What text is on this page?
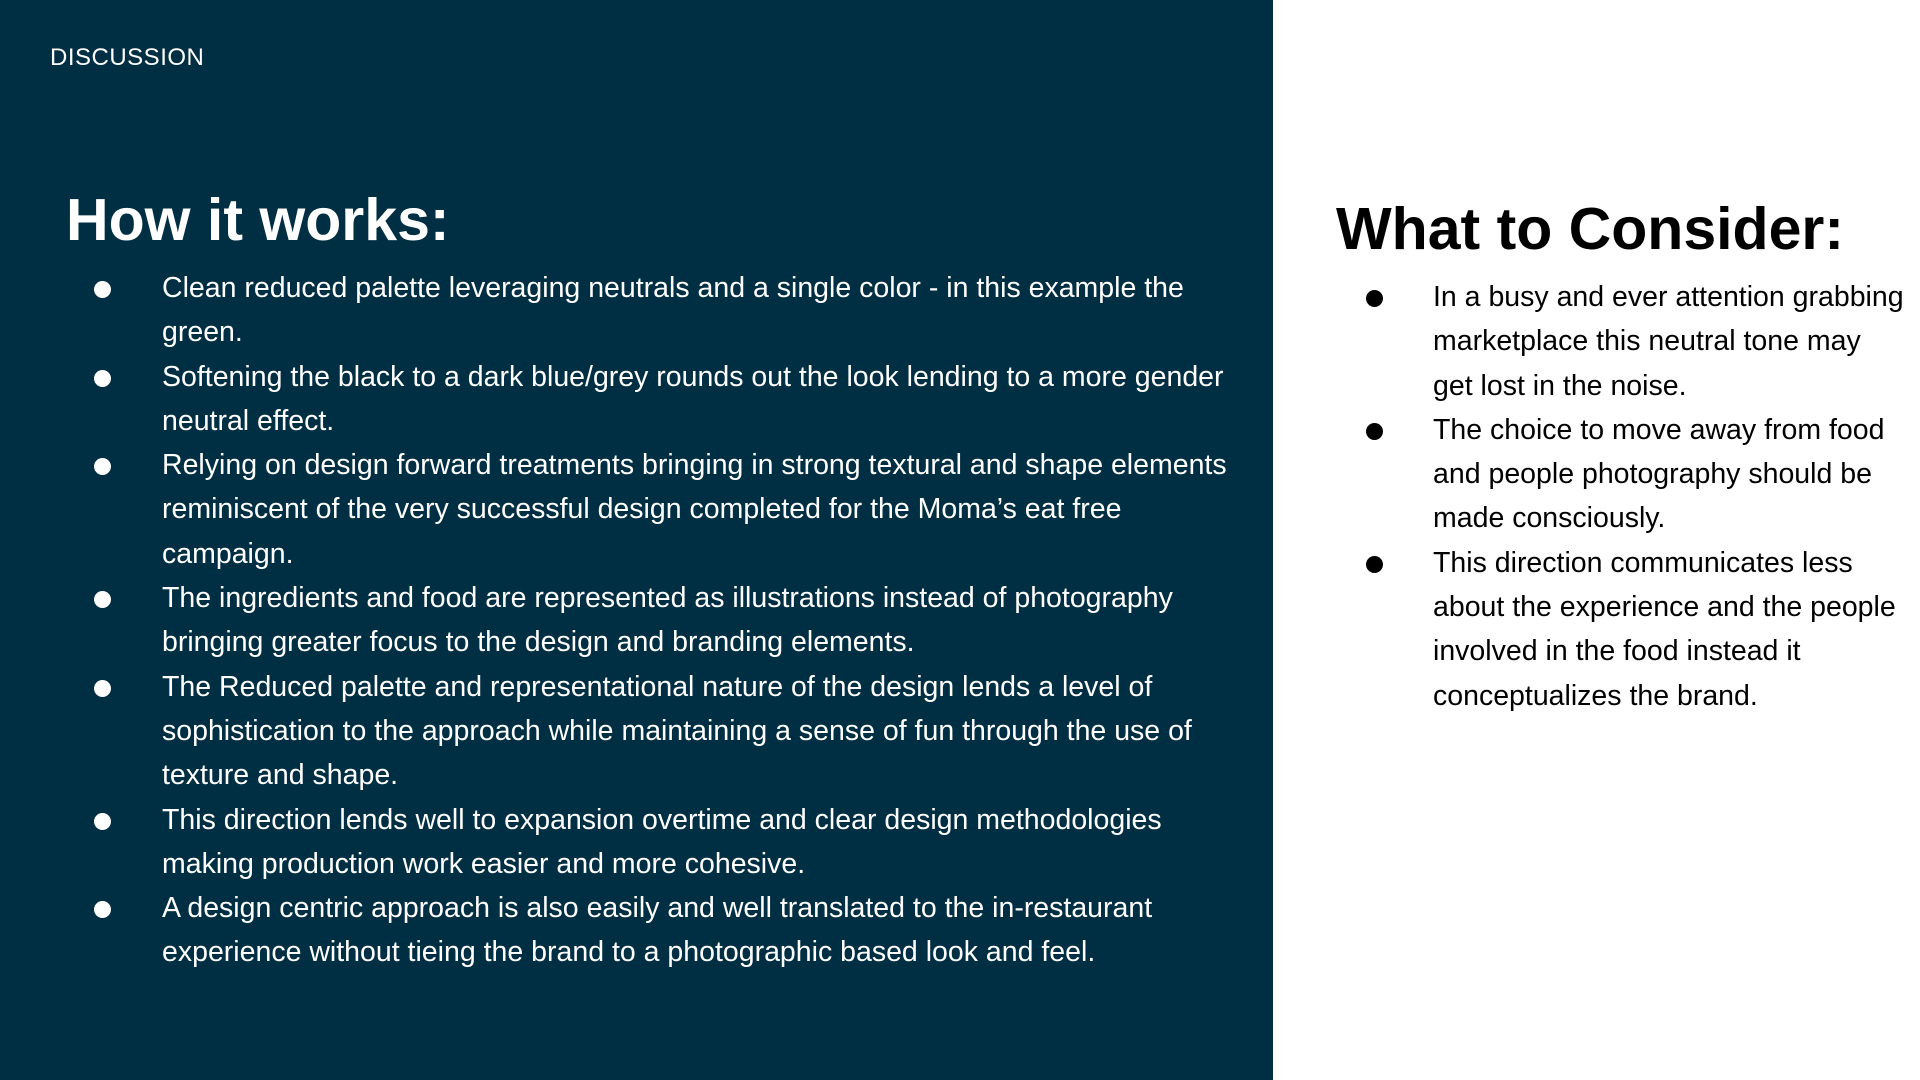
DISCUSSION
How it works:
Clean reduced palette leveraging neutrals and a single color - in this example the green.
Softening the black to a dark blue/grey rounds out the look lending to a more gender neutral effect.
Relying on design forward treatments bringing in strong textural and shape elements reminiscent of the very successful design completed for the Moma’s eat free campaign.
The ingredients and food are represented as illustrations instead of photography bringing greater focus to the design and branding elements.
The Reduced palette and representational nature of the design lends a level of sophistication to the approach while maintaining a sense of fun through the use of texture and shape.
This direction lends well to expansion overtime and clear design methodologies making production work easier and more cohesive.
A design centric approach is also easily and well translated to the in-restaurant experience without tieing the brand to a photographic based look and feel.
What to Consider:
In a busy and ever attention grabbing marketplace this neutral tone may get lost in the noise.
The choice to move away from food and people photography should be made consciously.
This direction communicates less about the experience and the people involved in the food instead it conceptualizes the brand.
